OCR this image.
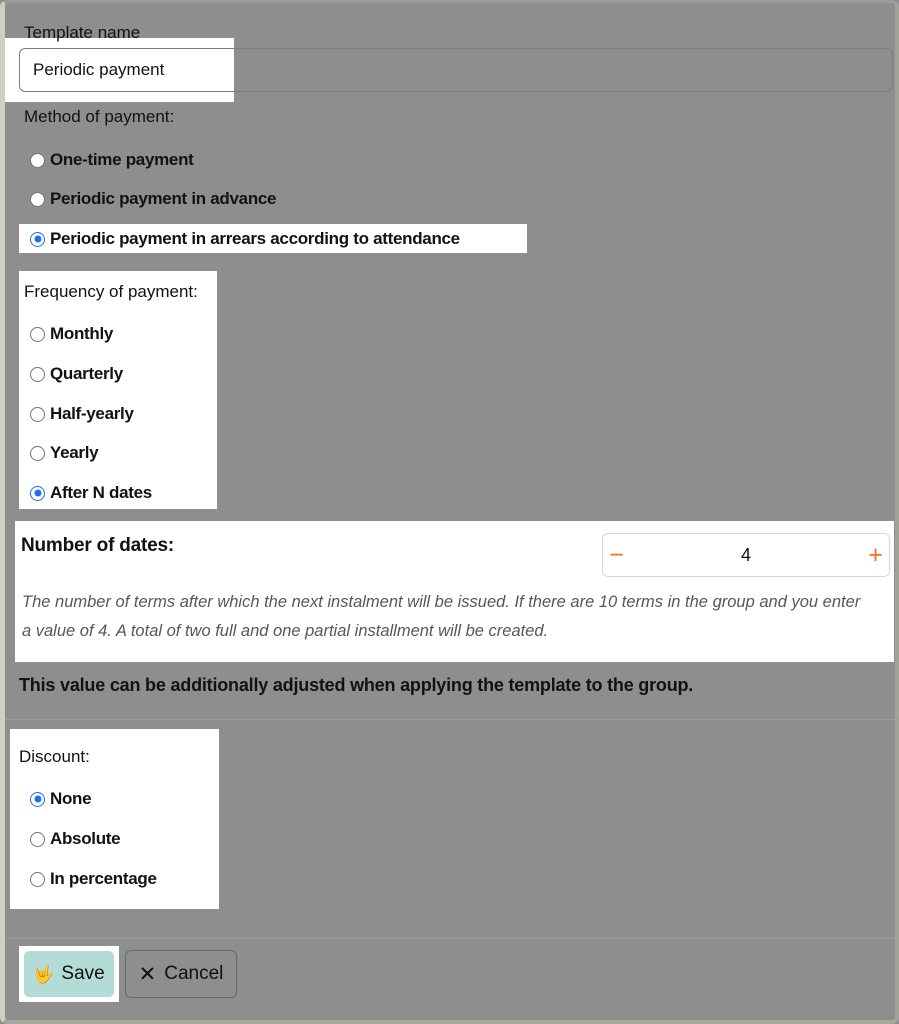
Template name
Periodic payment
Method of payment:
One-time payment
Periodic payment in advance
Periodic payment in arrears according to attendance
Frequency of payment:
Monthly
Quarterly
Half-yearly
Yearly
After N dates
Number of dates:	−
4	+
The number of terms after which the next instalment will be issued. If there are 10 terms in the group and you enter a value of 4. A total of two full and one partial installment will be created.
This value can be additionally adjusted when applying the template to the group.
Discount:
None
Absolute
In percentage
🤟 Save ✕ Cancel
